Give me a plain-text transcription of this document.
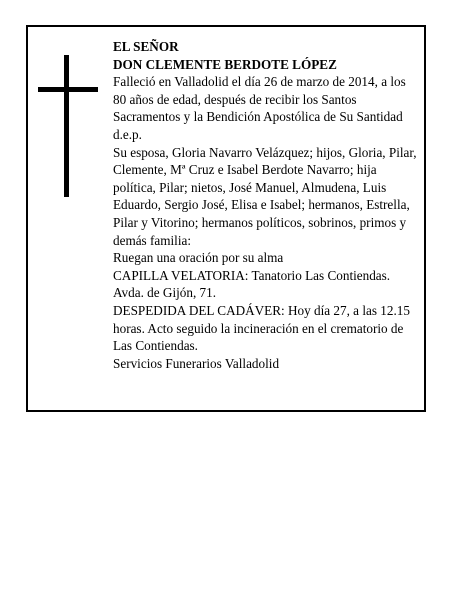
EL SEÑOR

DON CLEMENTE BERDOTE LÓPEZ

Falleció en Valladolid el día 26 de marzo de 2014, a los 80 años de edad, después de recibir los Santos Sacramentos y la Bendición Apostólica de Su Santidad d.e.p.

Su esposa, Gloria Navarro Velázquez; hijos, Gloria, Pilar, Clemente, Mª Cruz e Isabel Berdote Navarro; hija política, Pilar; nietos, José Manuel, Almudena, Luis Eduardo, Sergio José, Elisa e Isabel; hermanos, Estrella, Pilar y Vitorino; hermanos políticos, sobrinos, primos y demás familia:

Ruegan una oración por su alma

CAPILLA VELATORIA: Tanatorio Las Contiendas. Avda. de Gijón, 71.

DESPEDIDA DEL CADÁVER: Hoy día 27, a las 12.15 horas. Acto seguido la incineración en el crematorio de Las Contiendas.

Servicios Funerarios Valladolid
